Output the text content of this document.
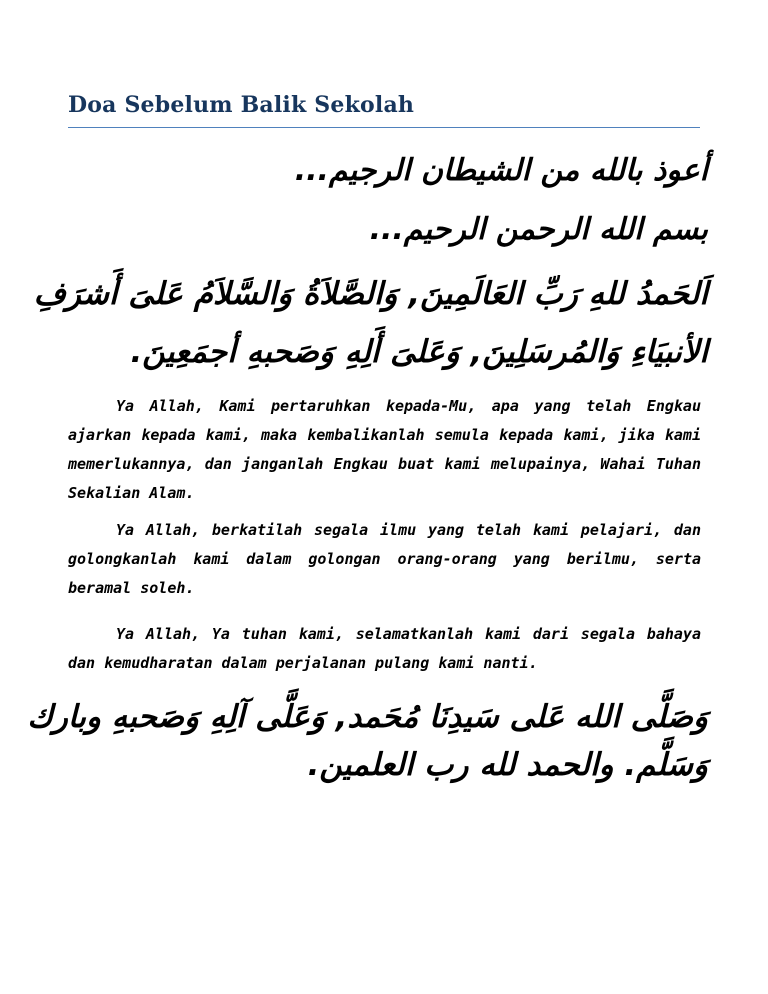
Doa Sebelum Balik Sekolah
أعوذ بالله من الشيطان الرجيم...
بسم الله الرحمن الرحيم...
اَلحَمدُ للهِ رَبِّ العَالَمِينَ, وَالصَّلاَةُ وَالسَّلاَمُ عَلىَ أَشرَفِ
الأنبيَاءِ وَالمُرسَلِينَ, وَعَلىَ أَلِهِ وَصَحبهِ أجمَعِينَ.
Ya Allah, Kami pertaruhkan kepada-Mu, apa yang telah Engkau ajarkan kepada kami, maka kembalikanlah semula kepada kami, jika kami memerlukannya, dan janganlah Engkau buat kami melupainya, Wahai Tuhan Sekalian Alam.
Ya Allah, berkatilah segala ilmu yang telah kami pelajari, dan golongkanlah kami dalam golongan orang-orang yang berilmu, serta beramal soleh.
Ya Allah, Ya tuhan kami, selamatkanlah kami dari segala bahaya dan kemudharatan dalam perjalanan pulang kami nanti.
وَصَلَّى الله عَلى سَيدِنَا مُحَمد, وَعَلَّى آلِهِ وَصَحبهِ وبارك
وَسَلَّم. والحمد لله رب العلمين.
